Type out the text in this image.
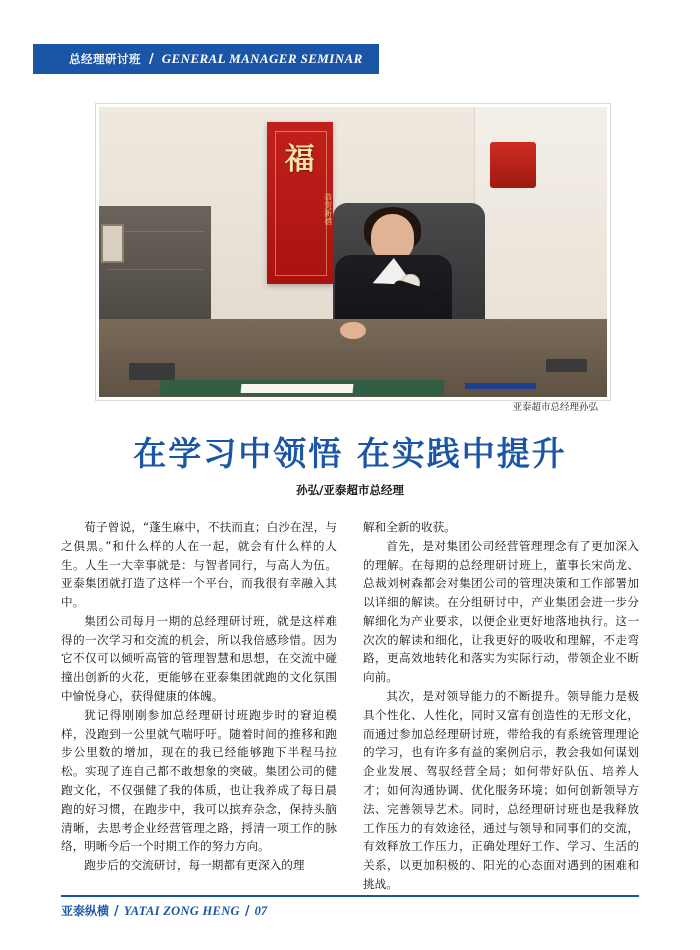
总经理研讨班 / GENERAL MANAGER SEMINAR
福
恭贺新禧
亚泰超市总经理孙弘
在学习中领悟 在实践中提升
孙弘/亚泰超市总经理

荀子曾说，“蓬生麻中，不扶而直；白沙在涅，与之俱黑。”和什么样的人在一起，就会有什么样的人生。人生一大幸事就是：与智者同行，与高人为伍。亚泰集团就打造了这样一个平台，而我很有幸融入其中。

集团公司每月一期的总经理研讨班，就是这样难得的一次学习和交流的机会，所以我倍感珍惜。因为它不仅可以倾听高管的管理智慧和思想，在交流中碰撞出创新的火花，更能够在亚泰集团就跑的文化氛围中愉悦身心，获得健康的体魄。

犹记得刚刚参加总经理研讨班跑步时的窘迫模样，没跑到一公里就气喘吁吁。随着时间的推移和跑步公里数的增加，现在的我已经能够跑下半程马拉松。实现了连自己都不敢想象的突破。集团公司的健跑文化，不仅强健了我的体质，也让我养成了每日晨跑的好习惯，在跑步中，我可以摈弃杂念，保持头脑清晰，去思考企业经营管理之路，捋清一项工作的脉络，明晰今后一个时期工作的努力方向。

跑步后的交流研讨，每一期都有更深入的理

解和全新的收获。

首先，是对集团公司经营管理理念有了更加深入的理解。在每期的总经理研讨班上，董事长宋尚龙、总裁刘树森都会对集团公司的管理决策和工作部署加以详细的解读。在分组研讨中，产业集团会进一步分解细化为产业要求，以便企业更好地落地执行。这一次次的解读和细化，让我更好的吸收和理解，不走弯路，更高效地转化和落实为实际行动，带领企业不断向前。

其次，是对领导能力的不断提升。领导能力是极具个性化、人性化，同时又富有创造性的无形文化，而通过参加总经理研讨班，带给我的有系统管理理论的学习，也有许多有益的案例启示，教会我如何谋划企业发展、驾驭经营全局；如何带好队伍、培养人才；如何沟通协调、优化服务环境；如何创新领导方法、完善领导艺术。同时，总经理研讨班也是我释放工作压力的有效途径，通过与领导和同事们的交流，有效释放工作压力，正确处理好工作、学习、生活的关系，以更加积极的、阳光的心态面对遇到的困难和挑战。

亚泰纵横 / YATAI ZONG HENG / 07
